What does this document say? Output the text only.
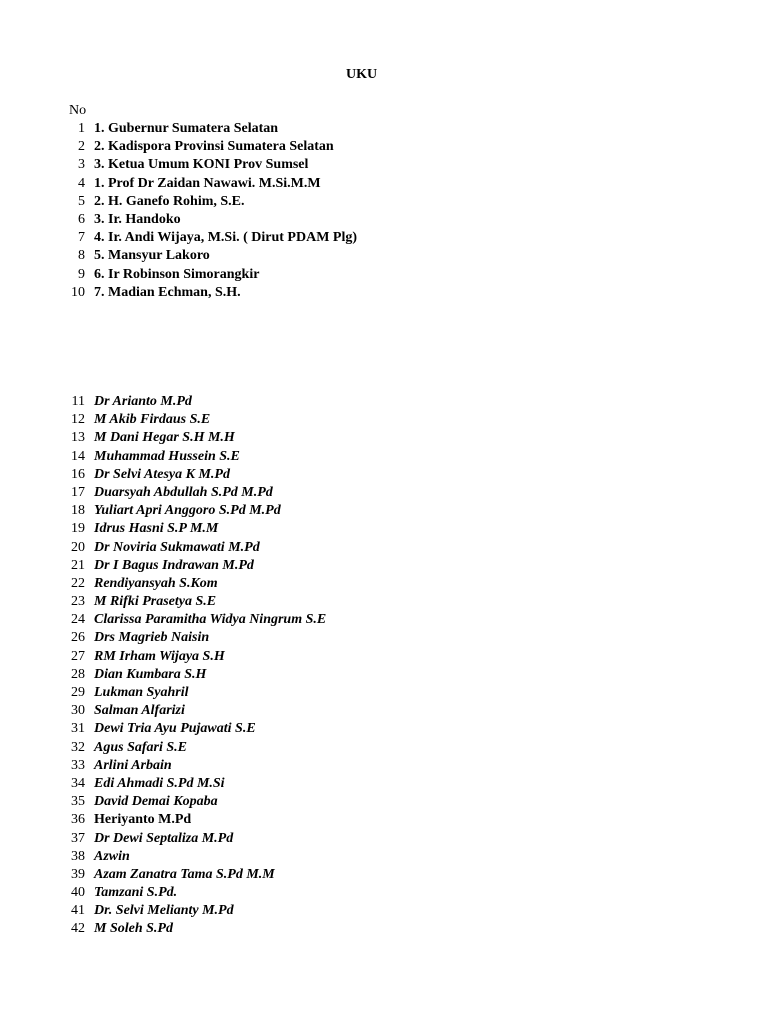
UKU
No
1 1. Gubernur Sumatera Selatan
2 2. Kadispora Provinsi Sumatera Selatan
3 3. Ketua Umum KONI Prov Sumsel
4 1. Prof Dr Zaidan Nawawi. M.Si.M.M
5 2. H. Ganefo Rohim, S.E.
6 3. Ir. Handoko
7 4. Ir. Andi Wijaya, M.Si. ( Dirut PDAM Plg)
8 5. Mansyur Lakoro
9 6. Ir Robinson Simorangkir
10 7. Madian Echman, S.H.
11 Dr Arianto M.Pd
12 M Akib Firdaus S.E
13 M Dani Hegar S.H M.H
14 Muhammad Hussein S.E
16 Dr Selvi Atesya K M.Pd
17 Duarsyah Abdullah S.Pd M.Pd
18 Yuliart Apri Anggoro S.Pd M.Pd
19 Idrus Hasni S.P M.M
20 Dr Noviria Sukmawati M.Pd
21 Dr I Bagus Indrawan M.Pd
22 Rendiyansyah S.Kom
23 M Rifki Prasetya S.E
24 Clarissa Paramitha Widya Ningrum S.E
26 Drs Magrieb Naisin
27 RM Irham Wijaya S.H
28 Dian Kumbara S.H
29 Lukman Syahril
30 Salman Alfarizi
31 Dewi Tria Ayu Pujawati S.E
32 Agus Safari S.E
33 Arlini Arbain
34 Edi Ahmadi S.Pd M.Si
35 David Demai Kopaba
36 Heriyanto M.Pd
37 Dr Dewi Septaliza M.Pd
38 Azwin
39 Azam Zanatra Tama S.Pd M.M
40 Tamzani S.Pd.
41 Dr. Selvi Melianty M.Pd
42 M Soleh S.Pd
